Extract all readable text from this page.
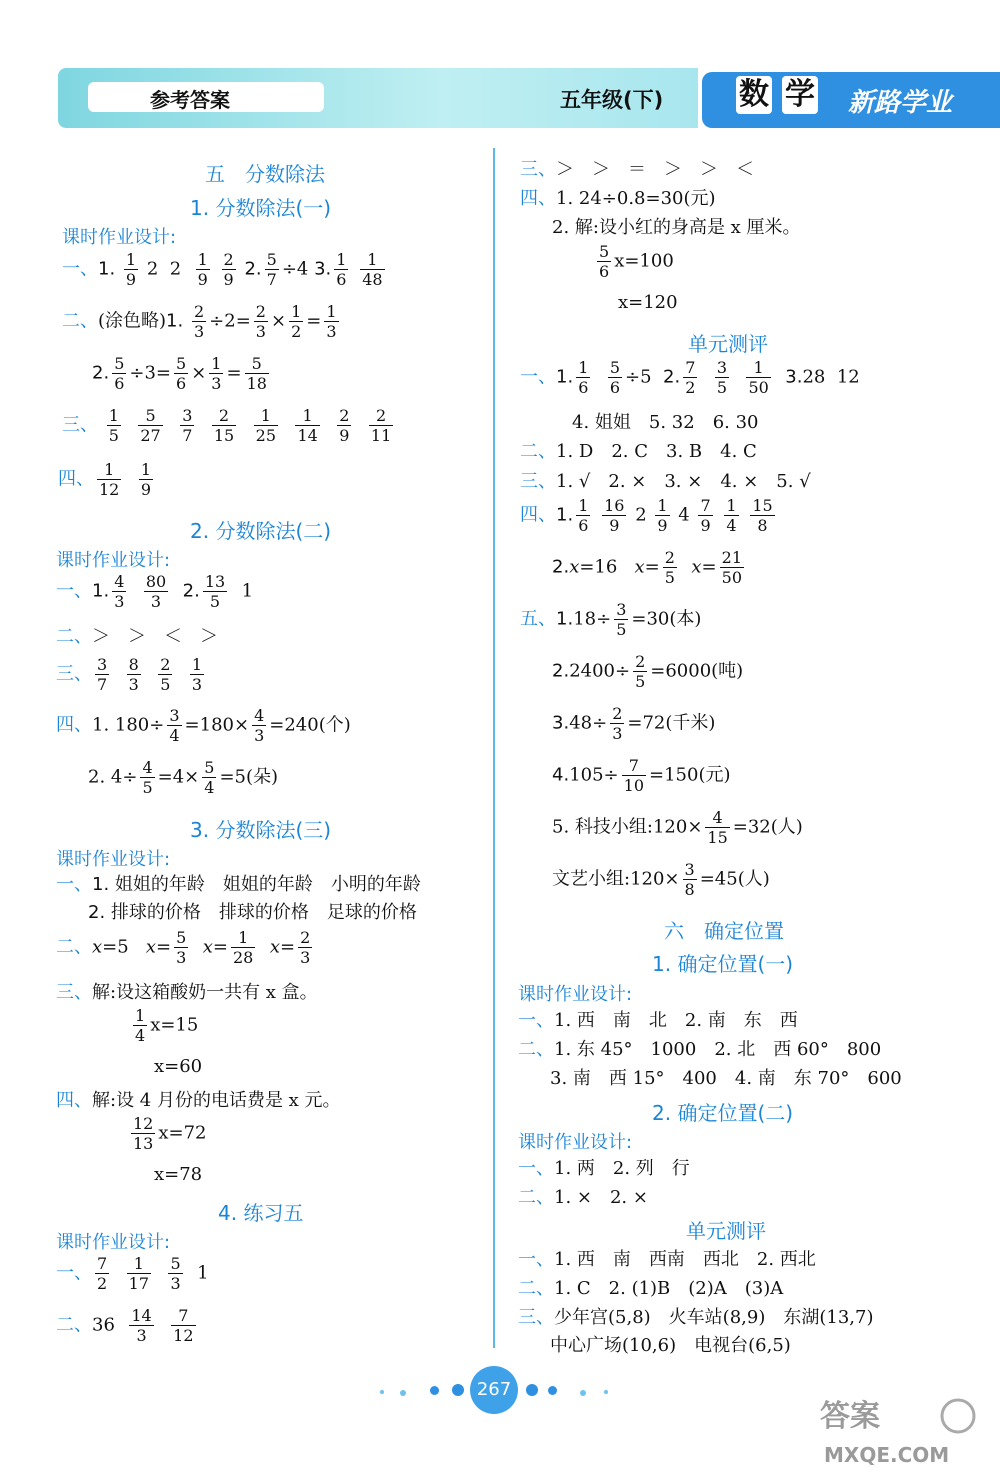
参考答案	五年级(下)	数 学 新路学业
五　分数除法
1. 分数除法(一)
课时作业设计:
一、1. $\frac{1}{9} 2$  $2 \frac{1}{9}$
$\frac{2}{9} 2$. $\frac{5}{7} \div 4$ 3. $\frac{1}{6}$
$\frac{1}{48}$
二、(涂色略)1. $\frac{2}{3} \div 2= \frac{2}{3} \times \frac{1}{2} = \frac{1}{3}$
2. $\frac{5}{6} \div 3= \frac{5}{6} \times \frac{1}{3} = \frac{5}{18}$
三、 $\frac{1}{5}$
$\frac{5}{27}$
$\frac{3}{7}$
$\frac{2}{15}$
$\frac{1}{25}$
$\frac{1}{14}$
$\frac{2}{9}$
$\frac{2}{11}$
四、 $\frac{1}{12}$
$\frac{1}{9}$
2. 分数除法(二)
课时作业设计:
一、1. $\frac{4}{3}$
$\frac{80}{3} 2$. $\frac{13}{5} 1$
二、＞　＞　＜　＞
三、 $\frac{3}{7}$
$\frac{8}{3}$
$\frac{2}{5}$
$\frac{1}{3}$
四、1. $180\div \frac{3}{4} =180\times \frac{4}{3} =240$(个)
2. $4\div \frac{4}{5} =4\times \frac{5}{4} =5$(朵)
3. 分数除法(三)
课时作业设计:
一、1. 姐姐的年龄　姐姐的年龄　小明的年龄
2. 排球的价格　排球的价格　足球的价格
二、x=5   $x= \frac{5}{3} x= \frac{1}{28} x= \frac{2}{3}$
三、解:设这箱酸奶一共有 x 盒。
$\frac{1}{4} x=15$
x=60
四、解:设 4 月份的电话费是 x 元。
$\frac{12}{13} x=72$
x=78
4. 练习五
课时作业设计:
一、 $\frac{7}{2}$
$\frac{1}{17}$
$\frac{5}{3} 1$
二、$36 \frac{14}{3}$
$\frac{7}{12}$
三、＞　＞　＝　＞　＞　＜
四、1. 24÷0.8=30(元)
2. 解:设小红的身高是 x 厘米。
$\frac{5}{6} x=100$
x=120
单元测评
一、1. $\frac{1}{6}$
$\frac{5}{6} \div 5$  2. $\frac{7}{2}$
$\frac{3}{5}$
$\frac{1}{50} 3.28$  12
4. 姐姐　5. 32　6. 30
二、1. D　2. C　3. B　4. C
三、1. √　2. ×　3. ×　4. ×　5. √
四、1. $\frac{1}{6}$
$\frac{16}{9} 2 \frac{1}{9} 4 \frac{7}{9}$
$\frac{1}{4}$
$\frac{15}{8}$
2.x=16   $x= \frac{2}{5} x= \frac{21}{50}$
五、$1.18\div \frac{3}{5} =30$(本)
$2.2400\div \frac{2}{5} =6000$(吨)
$3.48\div \frac{2}{3} =72$(千米)
$4.105\div \frac{7}{10} =150$(元)
5. 科技小组:120× $\frac{4}{15} =32$(人)
文艺小组:120× $\frac{3}{8} =45$(人)
六　确定位置
1. 确定位置(一)
课时作业设计:
一、1. 西　南　北　2. 南　东　西
二、1. 东 45°　1000　2. 北　西 60°　800
3. 南　西 15°　400　4. 南　东 70°　600
2. 确定位置(二)
课时作业设计:
一、1. 两　2. 列　行
二、1. ×　2. ×
单元测评
一、1. 西　南　西南　西北　2. 西北
二、1. C　2. (1)B　(2)A　(3)A
三、少年宫(5,8)　火车站(8,9)　东湖(13,7)
中心广场(10,6)　电视台(6,5)
267
答案
MXQE.COM
